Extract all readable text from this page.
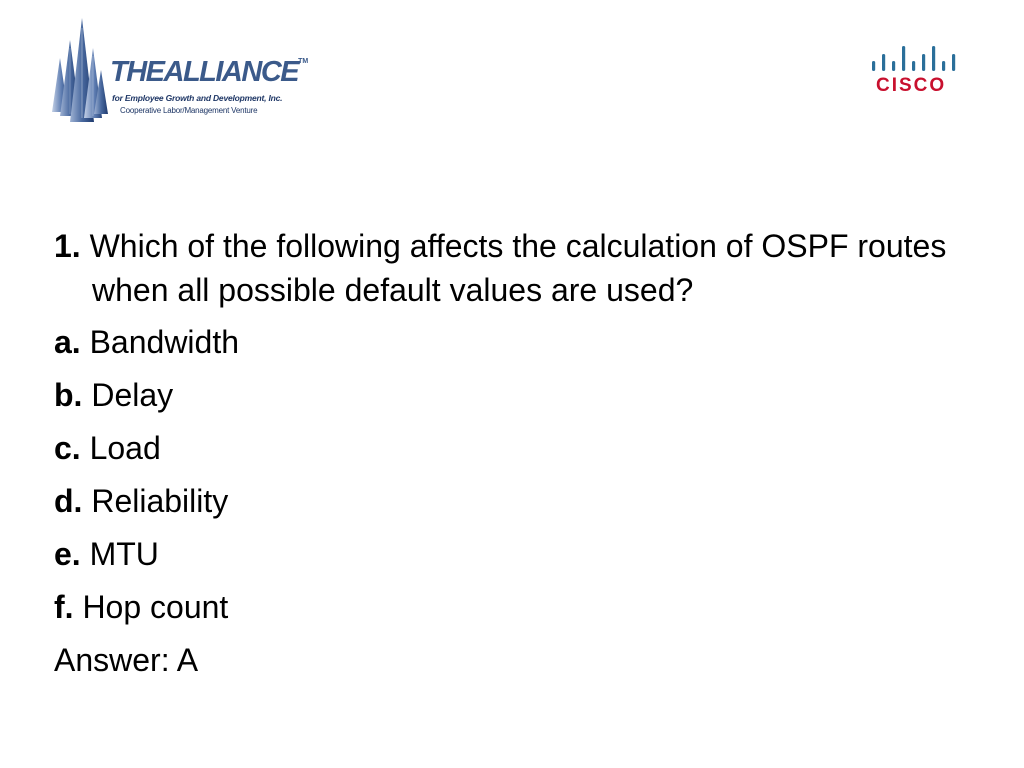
THEALLIANCE™
for Employee Growth and Development, Inc.
Cooperative Labor/Management Venture
CISCO
1. Which of the following affects the calculation of OSPF routes when all possible default values are used?
a. Bandwidth
b. Delay
c. Load
d. Reliability
e. MTU
f. Hop count
Answer: A
